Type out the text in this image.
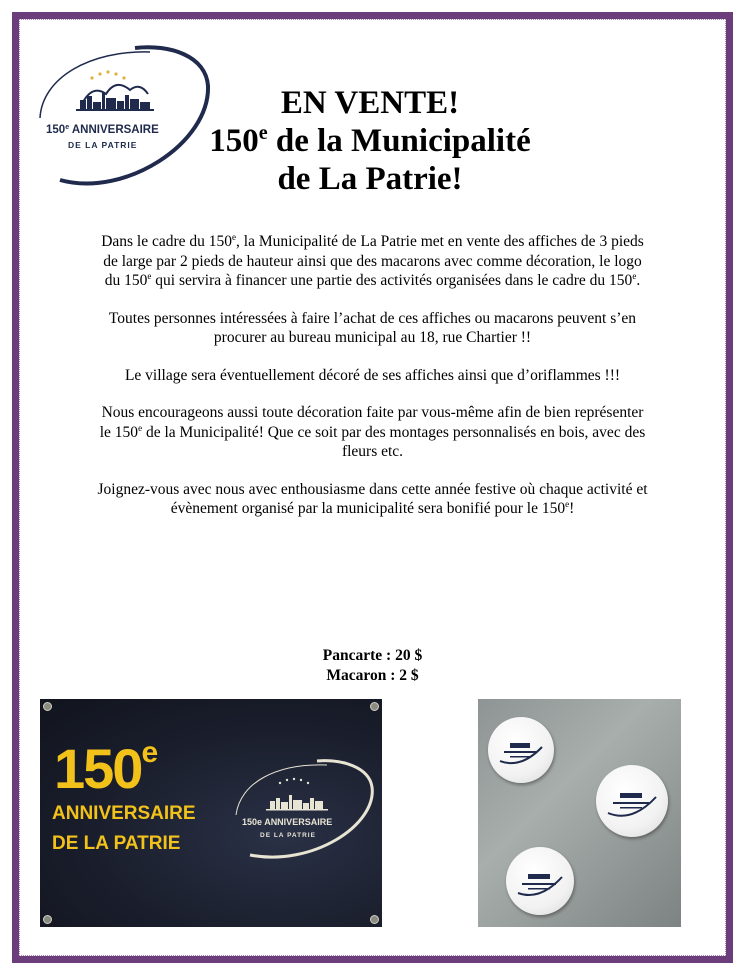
150e ANNIVERSAIRE
DE LA PATRIE
EN VENTE!
150e de la Municipalité
de La Patrie!

Dans le cadre du 150e, la Municipalité de La Patrie met en vente des affiches de 3 pieds de large par 2 pieds de hauteur ainsi que des macarons avec comme décoration, le logo du 150e qui servira à financer une partie des activités organisées dans le cadre du 150e.

Toutes personnes intéressées à faire l’achat de ces affiches ou macarons peuvent s’en procurer au bureau municipal au 18, rue Chartier !!

Le village sera éventuellement décoré de ses affiches ainsi que d’oriflammes !!!

Nous encourageons aussi toute décoration faite par vous-même afin de bien représenter le 150e de la Municipalité! Que ce soit par des montages personnalisés en bois, avec des fleurs etc.

Joignez-vous avec nous avec enthousiasme dans cette année festive où chaque activité et évènement organisé par la municipalité sera bonifié pour le 150e!

Pancarte : 20 $
Macaron : 2 $
150e
ANNIVERSAIRE
DE LA PATRIE
150e ANNIVERSAIRE
DE LA PATRIE
